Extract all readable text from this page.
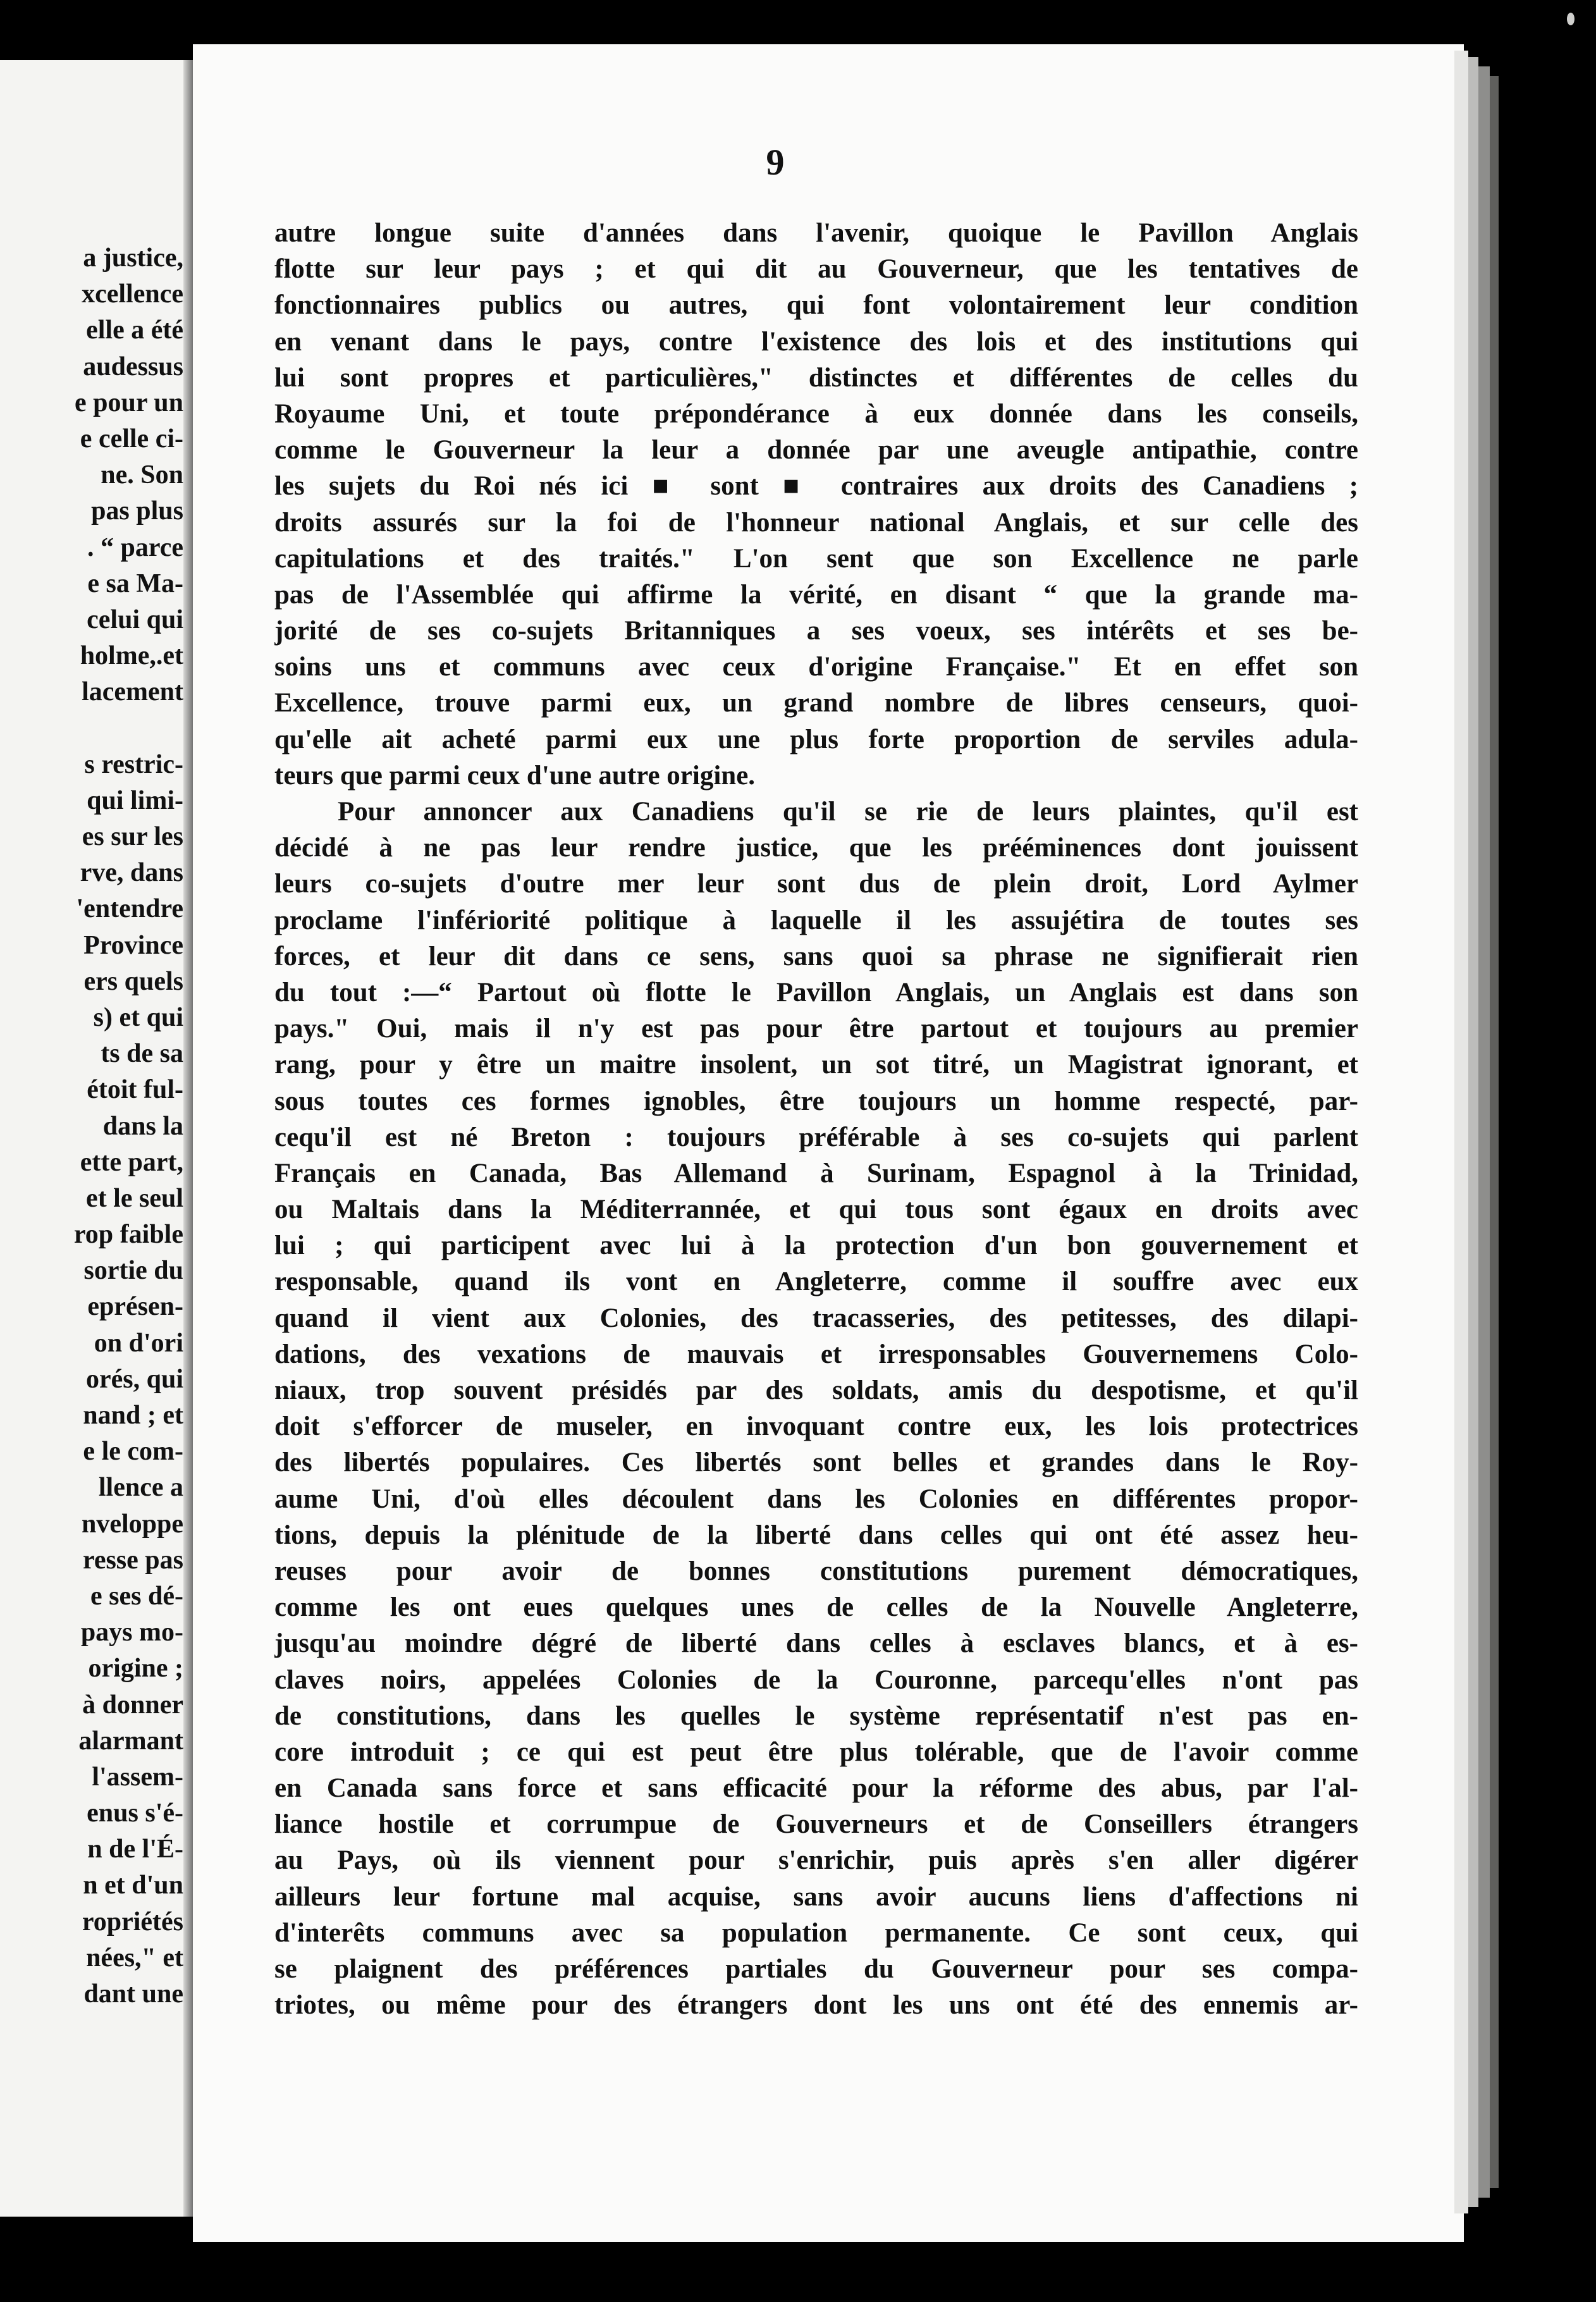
a justice,
xcellence
elle a été
audessus
e pour un
e celle ci-
ne. Son
pas plus
. “ parce
e sa Ma-
celui qui
holme,.et
lacement
s restric-
qui limi-
es sur les
rve, dans
'entendre
Province
ers quels
s) et qui
ts de sa
étoit ful-
dans la
ette part,
et le seul
rop faible
sortie du
eprésen-
on d'ori
orés, qui
nand ; et
e le com-
llence a
nveloppe
resse pas
e ses dé-
pays mo-
origine ;
à donner
alarmant
l'assem-
enus s'é-
n de l'É-
n et d'un
ropriétés
nées," et
dant une
9
autre longue suite d'années dans l'avenir, quoique le Pavillon Anglais
flotte sur leur pays ; et qui dit au Gouverneur, que les tentatives de
fonctionnaires publics ou autres, qui font volontairement leur condition
en venant dans le pays, contre l'existence des lois et des institutions qui
lui sont propres et particulières," distinctes et différentes de celles du
Royaume Uni, et toute prépondérance à eux donnée dans les conseils,
comme le Gouverneur la leur a donnée par une aveugle antipathie, contre
les sujets du Roi nés ici ■ sont ■ contraires aux droits des Canadiens ;
droits assurés sur la foi de l'honneur national Anglais, et sur celle des
capitulations et des traités." L'on sent que son Excellence ne parle
pas de l'Assemblée qui affirme la vérité, en disant “ que la grande ma-
jorité de ses co-sujets Britanniques a ses voeux, ses intérêts et ses be-
soins uns et communs avec ceux d'origine Française." Et en effet son
Excellence, trouve parmi eux, un grand nombre de libres censeurs, quoi-
qu'elle ait acheté parmi eux une plus forte proportion de serviles adula-
teurs que parmi ceux d'une autre origine.
Pour annoncer aux Canadiens qu'il se rie de leurs plaintes, qu'il est
décidé à ne pas leur rendre justice, que les prééminences dont jouissent
leurs co-sujets d'outre mer leur sont dus de plein droit, Lord Aylmer
proclame l'infériorité politique à laquelle il les assujétira de toutes ses
forces, et leur dit dans ce sens, sans quoi sa phrase ne signifierait rien
du tout :—“ Partout où flotte le Pavillon Anglais, un Anglais est dans son
pays." Oui, mais il n'y est pas pour être partout et toujours au premier
rang, pour y être un maitre insolent, un sot titré, un Magistrat ignorant, et
sous toutes ces formes ignobles, être toujours un homme respecté, par-
cequ'il est né Breton : toujours préférable à ses co-sujets qui parlent
Français en Canada, Bas Allemand à Surinam, Espagnol à la Trinidad,
ou Maltais dans la Méditerrannée, et qui tous sont égaux en droits avec
lui ; qui participent avec lui à la protection d'un bon gouvernement et
responsable, quand ils vont en Angleterre, comme il souffre avec eux
quand il vient aux Colonies, des tracasseries, des petitesses, des dilapi-
dations, des vexations de mauvais et irresponsables Gouvernemens Colo-
niaux, trop souvent présidés par des soldats, amis du despotisme, et qu'il
doit s'efforcer de museler, en invoquant contre eux, les lois protectrices
des libertés populaires. Ces libertés sont belles et grandes dans le Roy-
aume Uni, d'où elles découlent dans les Colonies en différentes propor-
tions, depuis la plénitude de la liberté dans celles qui ont été assez heu-
reuses pour avoir de bonnes constitutions purement démocratiques,
comme les ont eues quelques unes de celles de la Nouvelle Angleterre,
jusqu'au moindre dégré de liberté dans celles à esclaves blancs, et à es-
claves noirs, appelées Colonies de la Couronne, parcequ'elles n'ont pas
de constitutions, dans les quelles le système représentatif n'est pas en-
core introduit ; ce qui est peut être plus tolérable, que de l'avoir comme
en Canada sans force et sans efficacité pour la réforme des abus, par l'al-
liance hostile et corrumpue de Gouverneurs et de Conseillers étrangers
au Pays, où ils viennent pour s'enrichir, puis après s'en aller digérer
ailleurs leur fortune mal acquise, sans avoir aucuns liens d'affections ni
d'interêts communs avec sa population permanente. Ce sont ceux, qui
se plaignent des préférences partiales du Gouverneur pour ses compa-
triotes, ou même pour des étrangers dont les uns ont été des ennemis ar-
